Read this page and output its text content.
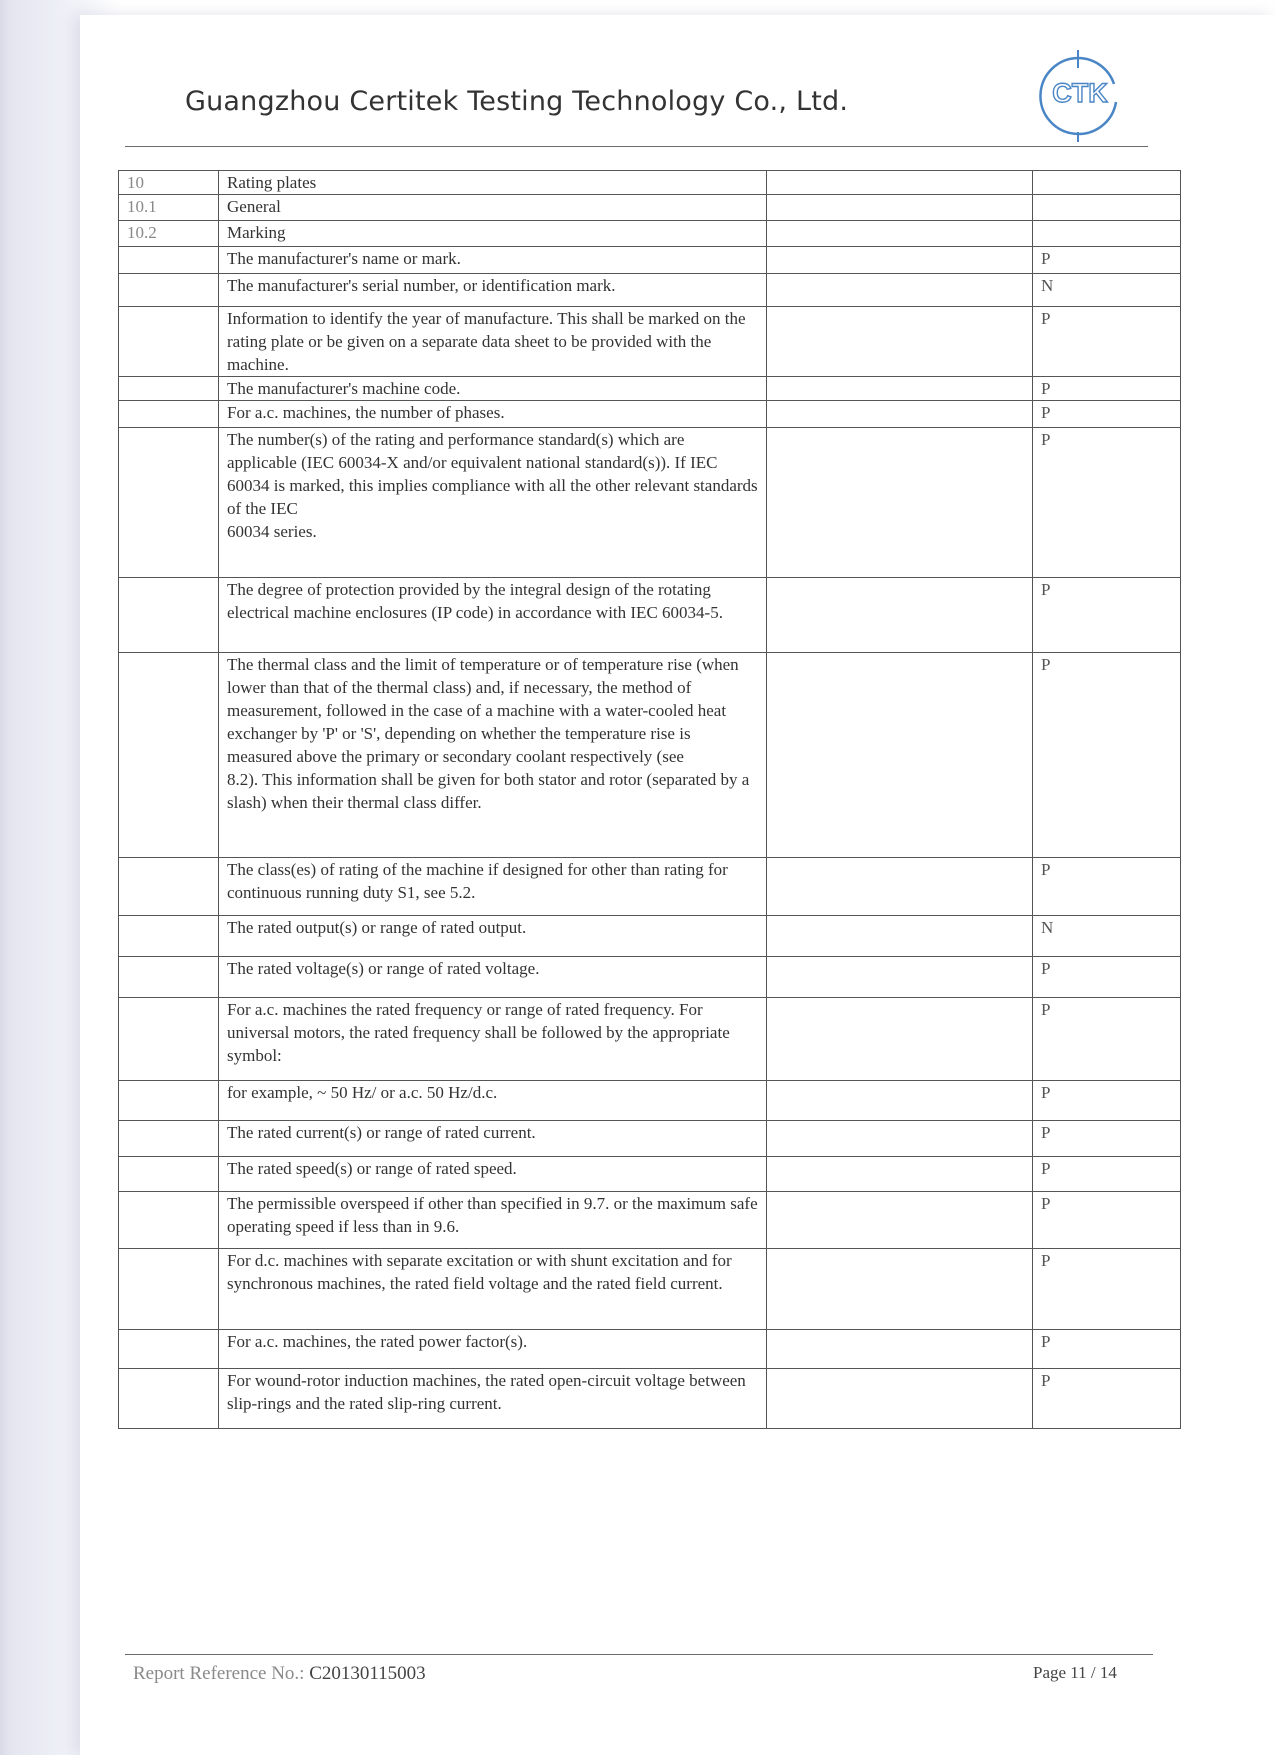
Guangzhou Certitek Testing Technology Co., Ltd.	CTK
10	Rating plates		
10.1	General		
10.2	Marking		
	The manufacturer's name or mark.		P
	The manufacturer's serial number, or identification mark.		N
	Information to identify the year of manufacture. This shall be marked on the rating plate or be given on a separate data sheet to be provided with the machine.		P
	The manufacturer's machine code.		P
	For a.c. machines, the number of phases.		P
	The number(s) of the rating and performance standard(s) which are applicable (IEC 60034-X and/or equivalent national standard(s)). If IEC
60034 is marked, this implies compliance with all the other relevant standards of the IEC
60034 series.		P
	The degree of protection provided by the integral design of the rotating electrical machine enclosures (IP code) in accordance with IEC 60034-5.		P
	The thermal class and the limit of temperature or of temperature rise (when lower than that of the thermal class) and, if necessary, the method of measurement, followed in the case of a machine with a water-cooled heat exchanger by 'P' or 'S', depending on whether the temperature rise is measured above the primary or secondary coolant respectively (see
8.2). This information shall be given for both stator and rotor (separated by a slash) when their thermal class differ.		P
	The class(es) of rating of the machine if designed for other than rating for continuous running duty S1, see 5.2.		P
	The rated output(s) or range of rated output.		N
	The rated voltage(s) or range of rated voltage.		P
	For a.c. machines the rated frequency or range of rated frequency. For universal motors, the rated frequency shall be followed by the appropriate symbol:		P
	for example, ~ 50 Hz/ or a.c. 50 Hz/d.c.		P
	The rated current(s) or range of rated current.		P
	The rated speed(s) or range of rated speed.		P
	The permissible overspeed if other than specified in 9.7. or the maximum safe operating speed if less than in 9.6.		P
	For d.c. machines with separate excitation or with shunt excitation and for synchronous machines, the rated field voltage and the rated field current.		P
	For a.c. machines, the rated power factor(s).		P
	For wound-rotor induction machines, the rated open-circuit voltage between slip-rings and the rated slip-ring current.		P
Report Reference No.: C20130115003	Page 11 / 14
